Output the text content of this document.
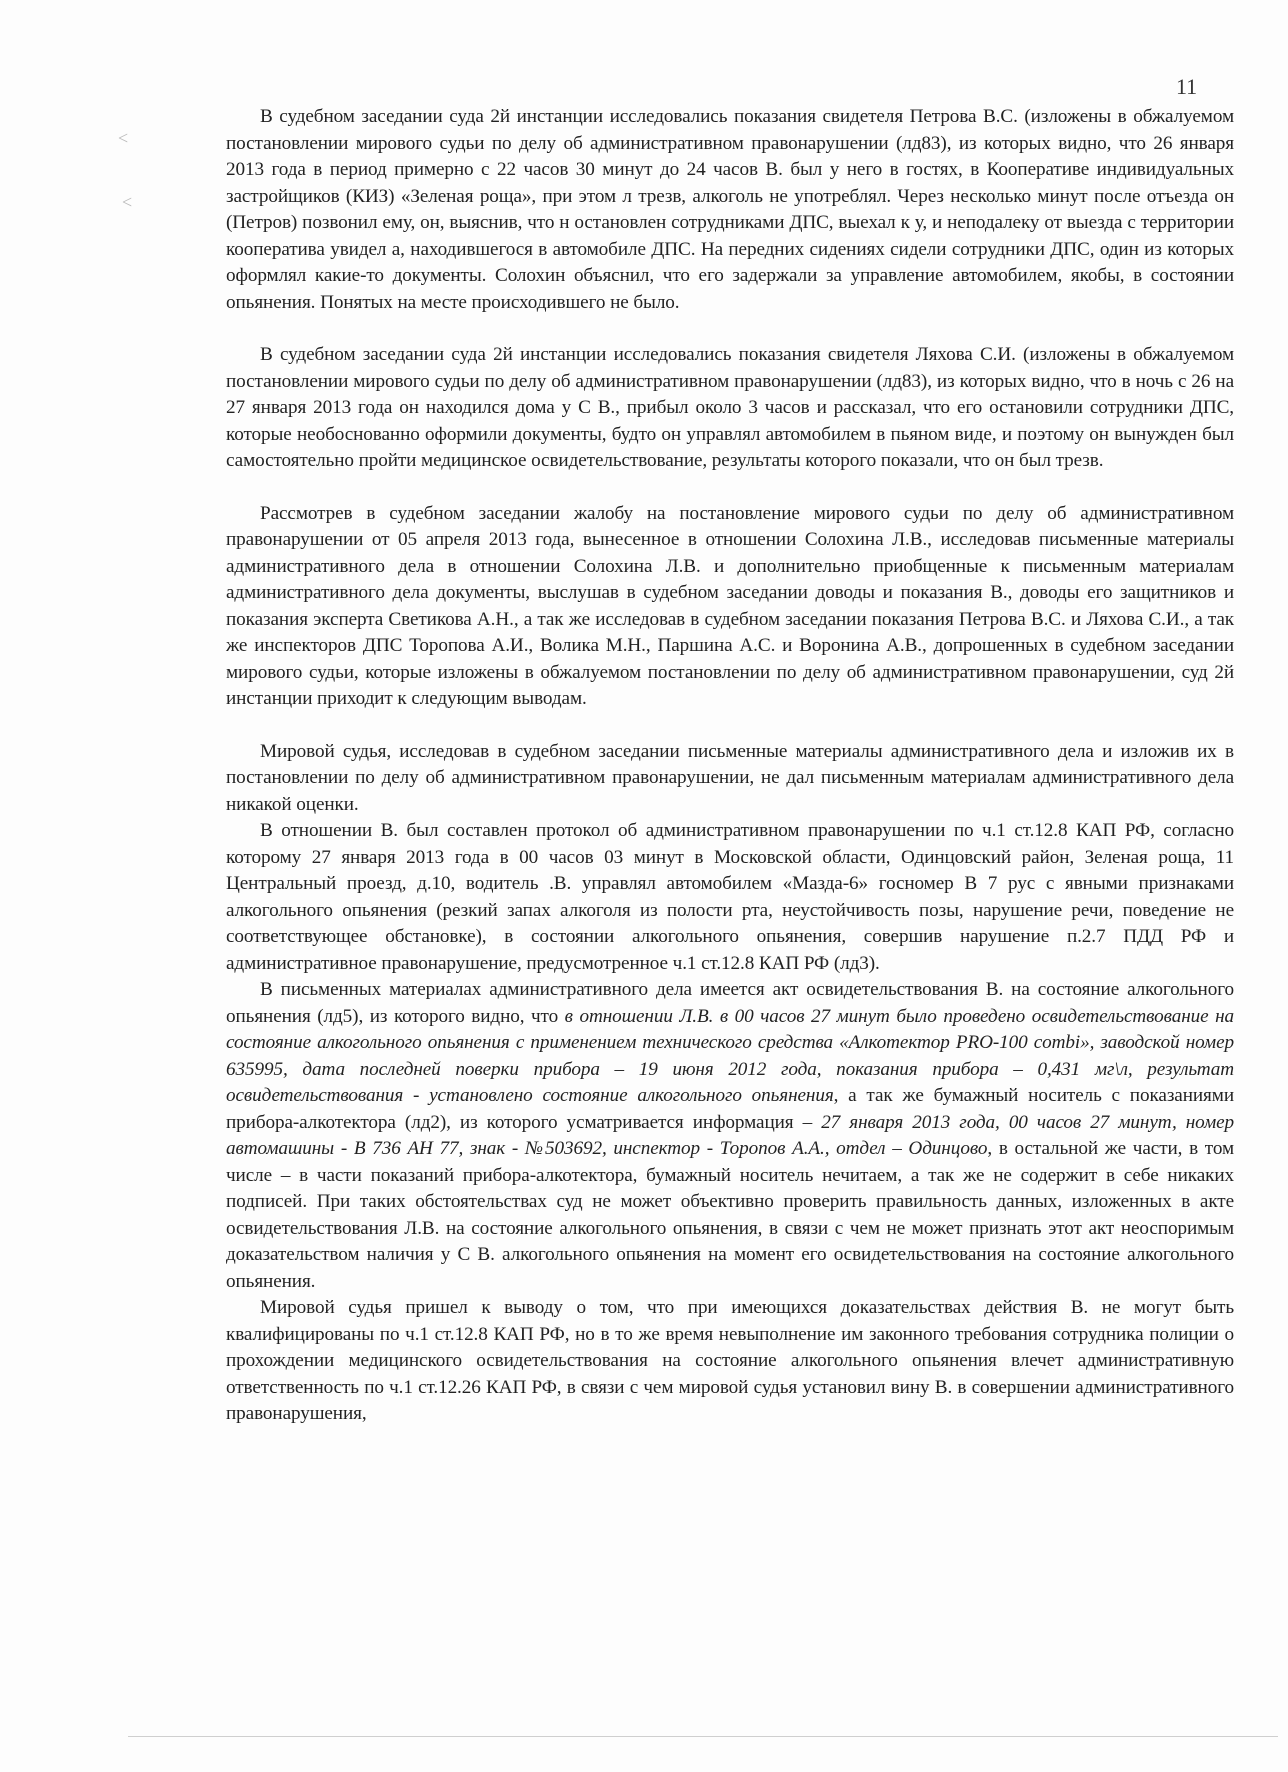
˂
˂
11

В судебном заседании суда 2й инстанции исследовались показания свидетеля Петрова В.С. (изложены в обжалуемом постановлении мирового судьи по делу об административном правонарушении (лд83), из которых видно, что 26 января 2013 года в период примерно с 22 часов 30 минут до 24 часов В. был у него в гостях, в Кооперативе индивидуальных застройщиков (КИЗ) «Зеленая роща», при этом л трезв, алкоголь не употреблял. Через несколько минут после отъезда он (Петров) позвонил ему, он, выяснив, что н остановлен сотрудниками ДПС, выехал к у, и неподалеку от выезда с территории кооператива увидел а, находившегося в автомобиле ДПС. На передних сидениях сидели сотрудники ДПС, один из которых оформлял какие-то документы. Солохин объяснил, что его задержали за управление автомобилем, якобы, в состоянии опьянения. Понятых на месте происходившего не было.

В судебном заседании суда 2й инстанции исследовались показания свидетеля Ляхова С.И. (изложены в обжалуемом постановлении мирового судьи по делу об административном правонарушении (лд83), из которых видно, что в ночь с 26 на 27 января 2013 года он находился дома у С В., прибыл около 3 часов и рассказал, что его остановили сотрудники ДПС, которые необоснованно оформили документы, будто он управлял автомобилем в пьяном виде, и поэтому он вынужден был самостоятельно пройти медицинское освидетельствование, результаты которого показали, что он был трезв.

Рассмотрев в судебном заседании жалобу на постановление мирового судьи по делу об административном правонарушении от 05 апреля 2013 года, вынесенное в отношении Солохина Л.В., исследовав письменные материалы административного дела в отношении Солохина Л.В. и дополнительно приобщенные к письменным материалам административного дела документы, выслушав в судебном заседании доводы и показания В., доводы его защитников и показания эксперта Светикова А.Н., а так же исследовав в судебном заседании показания Петрова В.С. и Ляхова С.И., а так же инспекторов ДПС Торопова А.И., Волика М.Н., Паршина А.С. и Воронина А.В., допрошенных в судебном заседании мирового судьи, которые изложены в обжалуемом постановлении по делу об административном правонарушении, суд 2й инстанции приходит к следующим выводам.

Мировой судья, исследовав в судебном заседании письменные материалы административного дела и изложив их в постановлении по делу об административном правонарушении, не дал письменным материалам административного дела никакой оценки.

В отношении В. был составлен протокол об административном правонарушении по ч.1 ст.12.8 КАП РФ, согласно которому 27 января 2013 года в 00 часов 03 минут в Московской области, Одинцовский район, Зеленая роща, 11 Центральный проезд, д.10, водитель .В. управлял автомобилем «Мазда-6» госномер В 7 рус с явными признаками алкогольного опьянения (резкий запах алкоголя из полости рта, неустойчивость позы, нарушение речи, поведение не соответствующее обстановке), в состоянии алкогольного опьянения, совершив нарушение п.2.7 ПДД РФ и административное правонарушение, предусмотренное ч.1 ст.12.8 КАП РФ (лд3).

В письменных материалах административного дела имеется акт освидетельствования В. на состояние алкогольного опьянения (лд5), из которого видно, что в отношении Л.В. в 00 часов 27 минут было проведено освидетельствование на состояние алкогольного опьянения с применением технического средства «Алкотектор PRO-100 combi», заводской номер 635995, дата последней поверки прибора – 19 июня 2012 года, показания прибора – 0,431 мг\л, результат освидетельствования - установлено состояние алкогольного опьянения, а так же бумажный носитель с показаниями прибора-алкотектора (лд2), из которого усматривается информация – 27 января 2013 года, 00 часов 27 минут, номер автомашины - В 736 АН 77, знак - №503692, инспектор - Торопов А.А., отдел – Одинцово, в остальной же части, в том числе – в части показаний прибора-алкотектора, бумажный носитель нечитаем, а так же не содержит в себе никаких подписей. При таких обстоятельствах суд не может объективно проверить правильность данных, изложенных в акте освидетельствования Л.В. на состояние алкогольного опьянения, в связи с чем не может признать этот акт неоспоримым доказательством наличия у С В. алкогольного опьянения на момент его освидетельствования на состояние алкогольного опьянения.

Мировой судья пришел к выводу о том, что при имеющихся доказательствах действия В. не могут быть квалифицированы по ч.1 ст.12.8 КАП РФ, но в то же время невыполнение им законного требования сотрудника полиции о прохождении медицинского освидетельствования на состояние алкогольного опьянения влечет административную ответственность по ч.1 ст.12.26 КАП РФ, в связи с чем мировой судья установил вину В. в совершении административного правонарушения,
